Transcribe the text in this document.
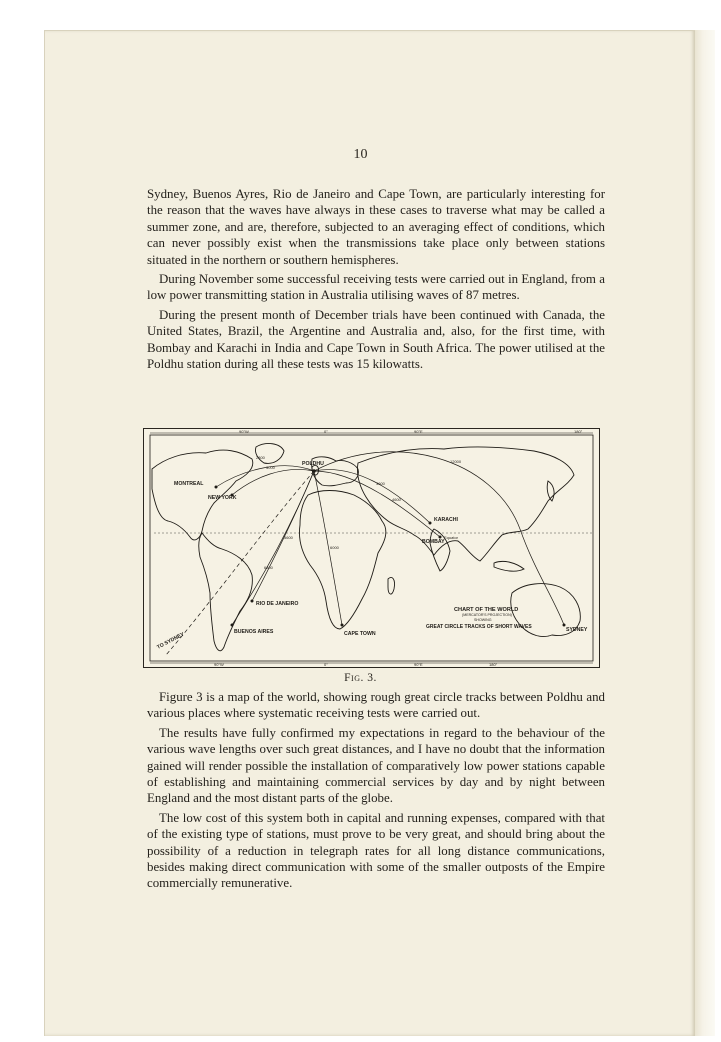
10

Sydney, Buenos Ayres, Rio de Janeiro and Cape Town, are particularly interesting for the reason that the waves have always in these cases to traverse what may be called a summer zone, and are, therefore, subjected to an averaging effect of conditions, which can never possibly exist when the transmissions take place only between stations situated in the northern or southern hemispheres.

During November some successful receiving tests were carried out in England, from a low power transmitting station in Australia utilising waves of 87 metres.

During the present month of December trials have been continued with Canada, the United States, Brazil, the Argentine and Australia and, also, for the first time, with Bombay and Karachi in India and Cape Town in South Africa. The power utilised at the Poldhu station during all these tests was 15 kilowatts.

90°W	0°	90°E	180°
90°W	0°	90°E	180°
POLDHU
MONTREAL
NEW YORK
KARACHI
BOMBAY
RIO DE JANEIRO
BUENOS AIRES	CAPE TOWN
SYDNEY
TO SYDNEY
Equator
2800
3000
3600
4600
12000
5600
6800
6000
CHART OF THE WORLD
(MERCATOR'S PROJECTION)
SHOWING
GREAT CIRCLE TRACKS OF SHORT WAVES
Fig. 3.

Figure 3 is a map of the world, showing rough great circle tracks between Poldhu and various places where systematic receiving tests were carried out.

The results have fully confirmed my expectations in regard to the behaviour of the various wave lengths over such great distances, and I have no doubt that the information gained will render possible the installation of comparatively low power stations capable of establishing and maintaining commercial services by day and by night between England and the most distant parts of the globe.

The low cost of this system both in capital and running expenses, compared with that of the existing type of stations, must prove to be very great, and should bring about the possibility of a reduction in telegraph rates for all long distance communications, besides making direct communication with some of the smaller outposts of the Empire commercially remunerative.
